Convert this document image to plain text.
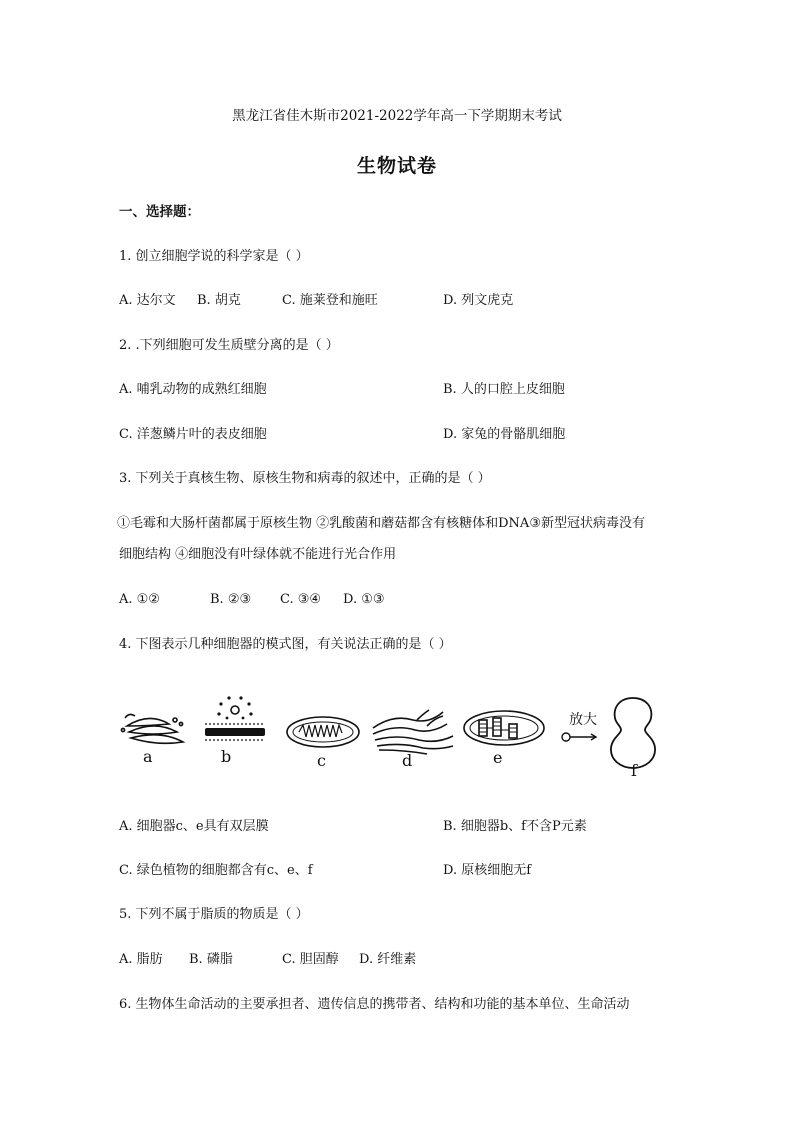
黑龙江省佳木斯市2021-2022学年高一下学期期末考试
生物试卷
一、选择题：
1. 创立细胞学说的科学家是（ ）
A. 达尔文 B. 胡克	C. 施莱登和施旺	D. 列文虎克
2. .下列细胞可发生质壁分离的是（ ）
A. 哺乳动物的成熟红细胞	B. 人的口腔上皮细胞
C. 洋葱鳞片叶的表皮细胞	D. 家兔的骨骼肌细胞
3. 下列关于真核生物、原核生物和病毒的叙述中，正确的是（ ）
①毛霉和大肠杆菌都属于原核生物 ②乳酸菌和蘑菇都含有核糖体和DNA③新型冠状病毒没有
细胞结构 ④细胞没有叶绿体就不能进行光合作用
A. ①②	B. ②③ C. ③④ D. ①③
4. 下图表示几种细胞器的模式图，有关说法正确的是（ ）
a	b	c	d	e
放大
f
A. 细胞器c、e具有双层膜	B. 细胞器b、f不含P元素
C. 绿色植物的细胞都含有c、e、f	D. 原核细胞无f
5. 下列不属于脂质的物质是（ ）
A. 脂肪 B. 磷脂	C. 胆固醇 D. 纤维素
6. 生物体生命活动的主要承担者、遗传信息的携带者、结构和功能的基本单位、生命活动
